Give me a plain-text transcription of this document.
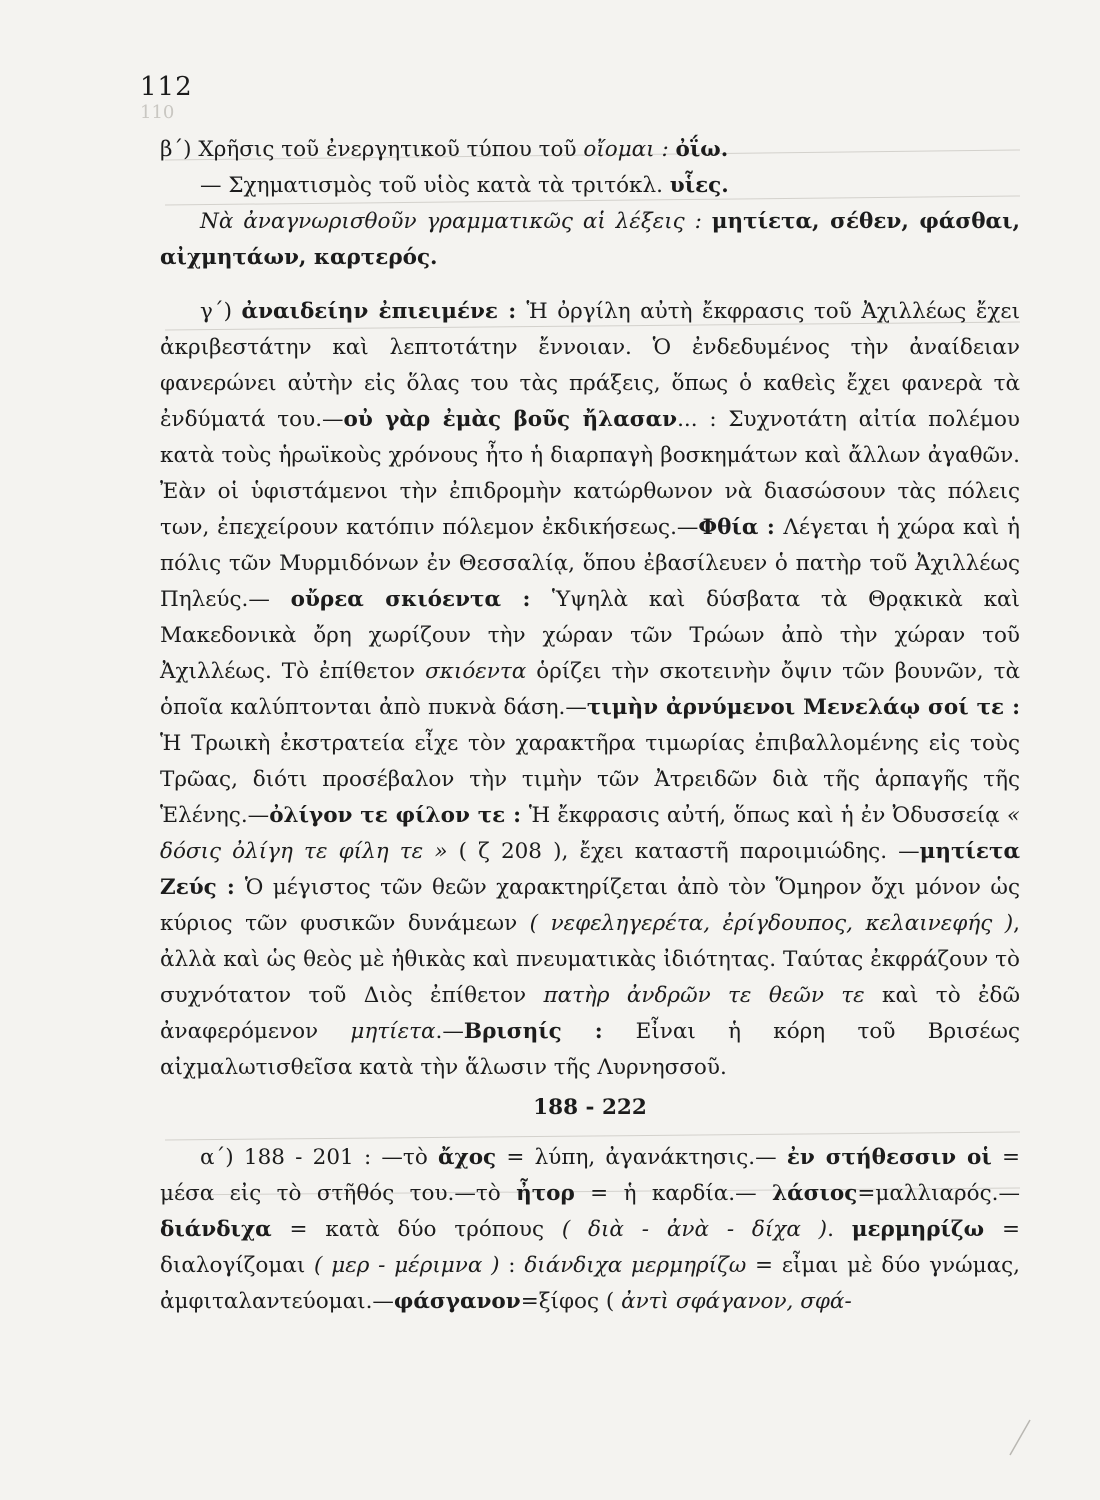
112
110

β΄) Χρῆσις τοῦ ἐνεργητικοῦ τύπου τοῦ οἴομαι : ὀΐω.

— Σχηματισμὸς τοῦ υἱὸς κατὰ τὰ τριτόκλ. υἷες.

Νὰ ἀναγνωρισθοῦν γραμματικῶς αἱ λέξεις : μητίετα, σέθεν, φάσθαι, αἰχμητάων, καρτερός.

γ΄) ἀναιδείην ἐπιειμένε : Ἡ ὀργίλη αὐτὴ ἔκφρασις τοῦ Ἀχιλλέως ἔχει ἀκριβεστάτην καὶ λεπτοτάτην ἔννοιαν. Ὁ ἐνδεδυμένος τὴν ἀναίδειαν φανερώνει αὐτὴν εἰς ὅλας του τὰς πράξεις, ὅπως ὁ καθεὶς ἔχει φανερὰ τὰ ἐνδύματά του.—οὐ γὰρ ἐμὰς βοῦς ἤλασαν... : Συχνοτάτη αἰτία πολέμου κατὰ τοὺς ἡρωϊκοὺς χρόνους ἦτο ἡ διαρπαγὴ βοσκημάτων καὶ ἄλλων ἀγαθῶν. Ἐὰν οἱ ὑφιστάμενοι τὴν ἐπιδρομὴν κατώρθωνον νὰ διασώσουν τὰς πόλεις των, ἐπεχείρουν κατόπιν πόλεμον ἐκδικήσεως.—Φθία : Λέγεται ἡ χώρα καὶ ἡ πόλις τῶν Μυρμιδόνων ἐν Θεσσαλίᾳ, ὅπου ἐβασίλευεν ὁ πατὴρ τοῦ Ἀχιλλέως Πηλεύς.— οὔρεα σκιόεντα : Ὑψηλὰ καὶ δύσβατα τὰ Θρᾳκικὰ καὶ Μακεδονικὰ ὄρη χωρίζουν τὴν χώραν τῶν Τρώων ἀπὸ τὴν χώραν τοῦ Ἀχιλλέως. Τὸ ἐπίθετον σκιόεντα ὁρίζει τὴν σκοτεινὴν ὄψιν τῶν βουνῶν, τὰ ὁποῖα καλύπτονται ἀπὸ πυκνὰ δάση.—τιμὴν ἀρνύμενοι Μενελάῳ σοί τε : Ἡ Τρωικὴ ἐκστρατεία εἶχε τὸν χαρακτῆρα τιμωρίας ἐπιβαλλομένης εἰς τοὺς Τρῶας, διότι προσέβαλον τὴν τιμὴν τῶν Ἀτρειδῶν διὰ τῆς ἁρπαγῆς τῆς Ἑλένης.—ὀλίγον τε φίλον τε : Ἡ ἔκφρασις αὐτή, ὅπως καὶ ἡ ἐν Ὀδυσσείᾳ « δόσις ὀλίγη τε φίλη τε » ( ζ 208 ), ἔχει καταστῆ παροιμιώδης. —μητίετα Ζεύς : Ὁ μέγιστος τῶν θεῶν χαρακτηρίζεται ἀπὸ τὸν Ὅμηρον ὄχι μόνον ὡς κύριος τῶν φυσικῶν δυνάμεων ( νεφεληγερέτα, ἐρίγδουπος, κελαινεφής ), ἀλλὰ καὶ ὡς θεὸς μὲ ἠθικὰς καὶ πνευματικὰς ἰδιότητας. Ταύτας ἐκφράζουν τὸ συχνότατον τοῦ Διὸς ἐπίθετον πατὴρ ἀνδρῶν τε θεῶν τε καὶ τὸ ἐδῶ ἀναφερόμενον μητίετα.—Βρισηίς : Εἶναι ἡ κόρη τοῦ Βρισέως αἰχμαλωτισθεῖσα κατὰ τὴν ἅλωσιν τῆς Λυρνησσοῦ.

188 - 222

α΄) 188 - 201 : —τὸ ἄχος = λύπη, ἀγανάκτησις.— ἐν στήθεσσιν οἱ = μέσα εἰς τὸ στῆθός του.—τὸ ἦτορ = ἡ καρδία.— λάσιος=μαλλιαρός.— διάνδιχα = κατὰ δύο τρόπους ( διὰ - ἀνὰ - δίχα ). μερμηρίζω = διαλογίζομαι ( μερ - μέριμνα ) : διάνδιχα μερμηρίζω = εἶμαι μὲ δύο γνώμας, ἀμφιταλαντεύομαι.—φάσγανον=ξίφος ( ἀντὶ σφάγανον, σφά-
